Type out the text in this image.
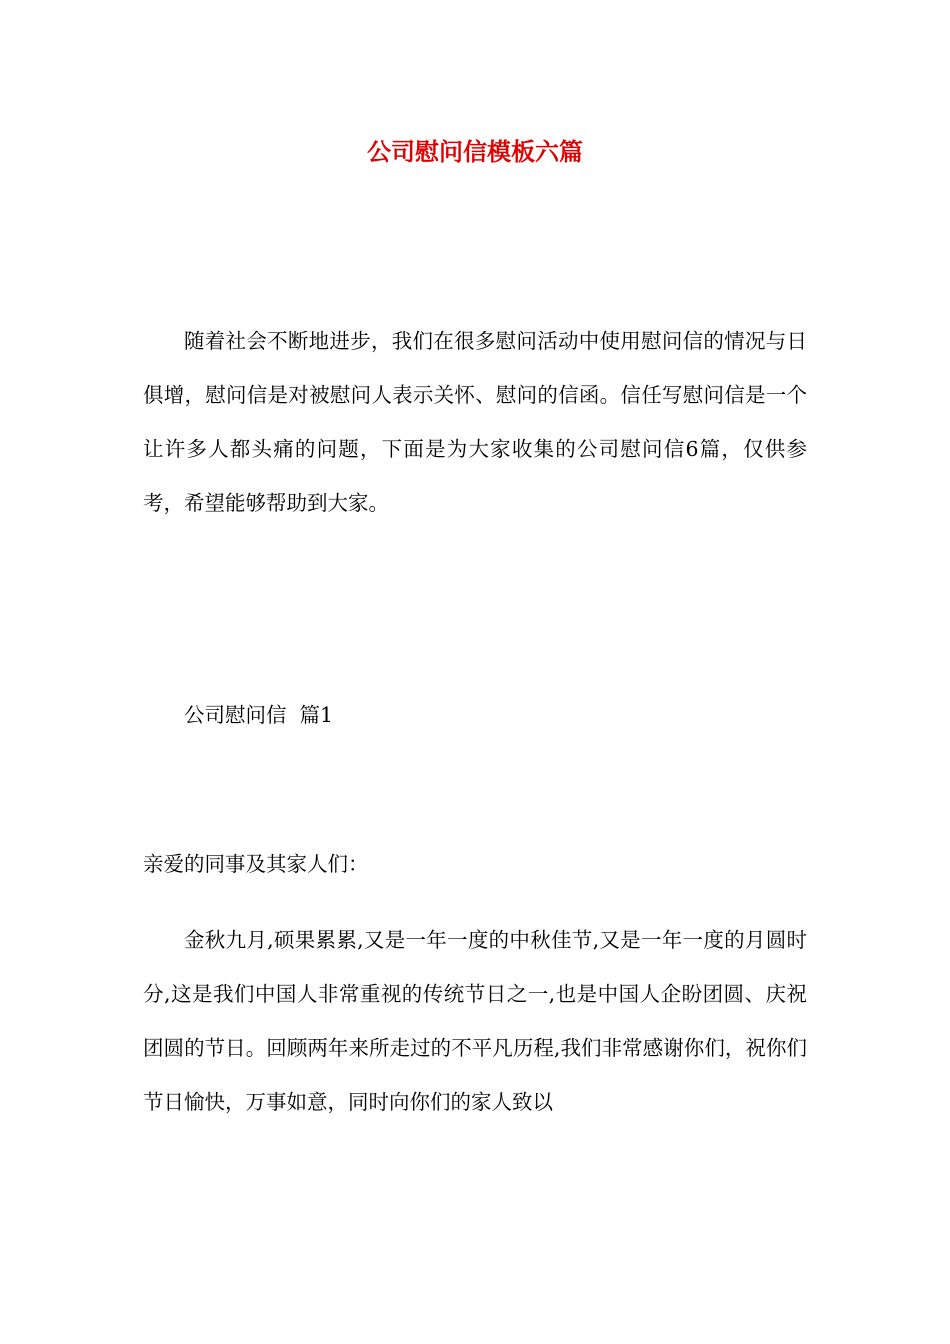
公司慰问信模板六篇

随着社会不断地进步，我们在很多慰问活动中使用慰问信的情况与日俱增，慰问信是对被慰问人表示关怀、慰问的信函。信任写慰问信是一个让许多人都头痛的问题，下面是为大家收集的公司慰问信6篇，仅供参考，希望能够帮助到大家。

公司慰问信  篇1

亲爱的同事及其家人们：

金秋九月,硕果累累,又是一年一度的中秋佳节,又是一年一度的月圆时分,这是我们中国人非常重视的传统节日之一,也是中国人企盼团圆、庆祝团圆的节日。回顾两年来所走过的不平凡历程,我们非常感谢你们，祝你们节日愉快，万事如意，同时向你们的家人致以
